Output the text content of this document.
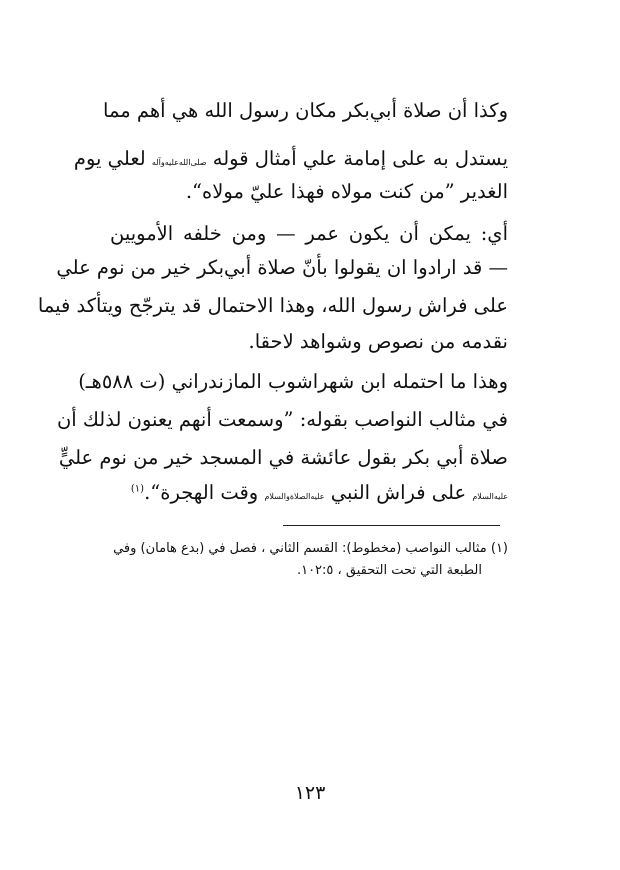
وكذا أن صلاة أبي‌بكر مكان رسول الله هي أهم مما
يستدل به على إمامة علي أمثال قوله صلى‌الله‌عليه‌وآله لعلي يوم
الغدير ”من كنت مولاه فهذا عليّ مولاه“.
أي: يمكن أن يكون عمر — ومن خلفه الأمويين
— قد ارادوا ان يقولوا بأنّ صلاة أبي‌بكر خير من نوم علي
على فراش رسول الله، وهذا الاحتمال قد يترجّح ويتأكد فيما
نقدمه من نصوص وشواهد لاحقا.
وهذا ما احتمله ابن شهراشوب المازندراني (ت ٥٨٨هـ)
في مثالب النواصب بقوله: ”وسمعت أنهم يعنون لذلك أن
صلاة أبي بكر بقول عائشة في المسجد خير من نوم عليٍّ
عليه‌السلام على فراش النبي عليه‌الصلاة‌والسلام وقت الهجرة“.$^{(١)}$
(١) مثالب النواصب (مخطوط): القسم الثاني ، فصل في (بدع هامان) وفي
الطبعة التي تحت التحقيق ، ١٠٢:٥.
١٢٣
